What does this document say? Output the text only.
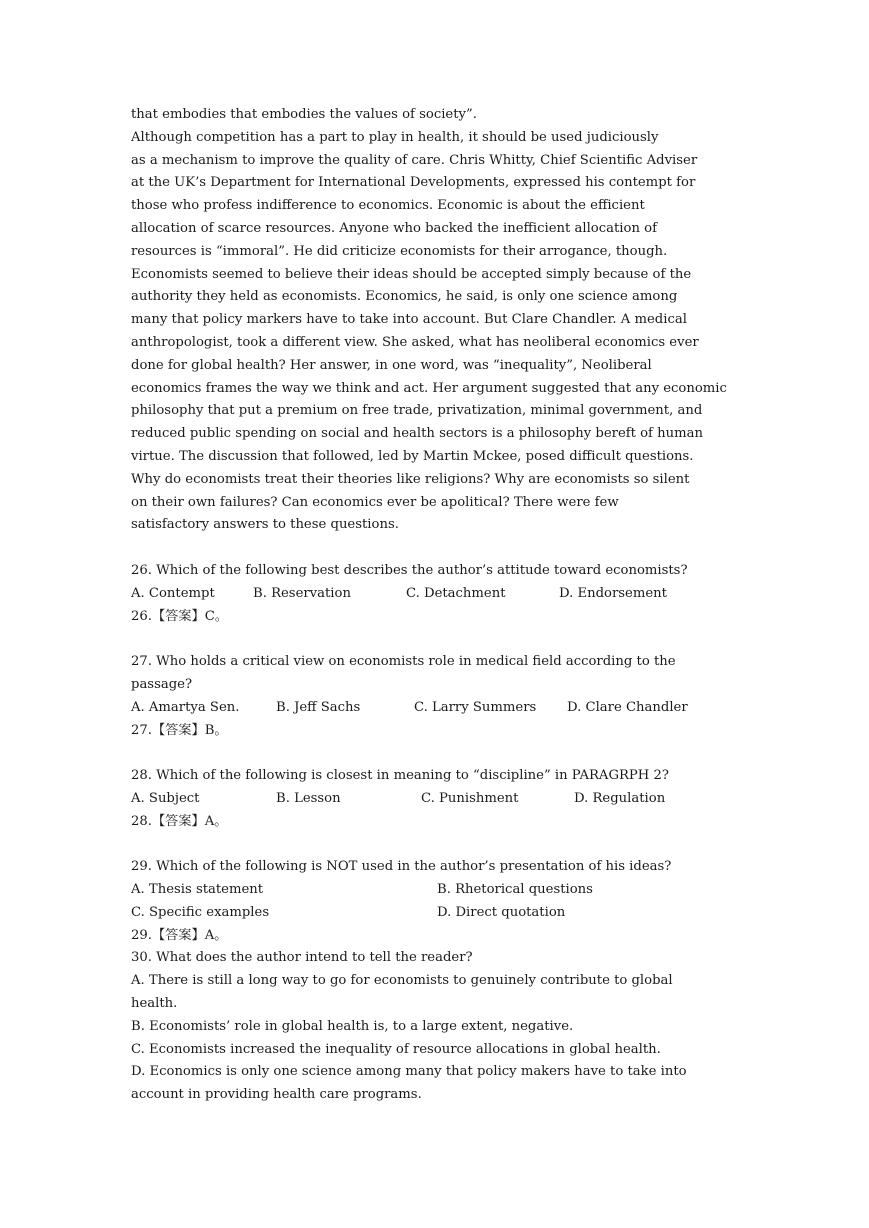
that embodies that embodies the values of society”.
Although competition has a part to play in health, it should be used judiciously
as a mechanism to improve the quality of care. Chris Whitty, Chief Scientific Adviser
at the UK’s Department for International Developments, expressed his contempt for
those who profess indifference to economics. Economic is about the efficient
allocation of scarce resources. Anyone who backed the inefficient allocation of
resources is “immoral”. He did criticize economists for their arrogance, though.
Economists seemed to believe their ideas should be accepted simply because of the
authority they held as economists. Economics, he said, is only one science among
many that policy markers have to take into account. But Clare Chandler. A medical
anthropologist, took a different view. She asked, what has neoliberal economics ever
done for global health? Her answer, in one word, was “inequality”, Neoliberal
economics frames the way we think and act. Her argument suggested that any economic
philosophy that put a premium on free trade, privatization, minimal government, and
reduced public spending on social and health sectors is a philosophy bereft of human
virtue. The discussion that followed, led by Martin Mckee, posed difficult questions.
Why do economists treat their theories like religions? Why are economists so silent
on their own failures? Can economics ever be apolitical? There were few
satisfactory answers to these questions.
26. Which of the following best describes the author’s attitude toward economists?
A. Contempt	B. Reservation	C. Detachment	D. Endorsement
26.【答案】C。
27. Who holds a critical view on economists role in medical field according to the
passage?
A. Amartya Sen.	B. Jeff Sachs	C. Larry Summers	D. Clare Chandler
27.【答案】B。
28. Which of the following is closest in meaning to “discipline” in PARAGRPH 2?
A. Subject	B. Lesson	C. Punishment	D. Regulation
28.【答案】A。
29. Which of the following is NOT used in the author’s presentation of his ideas?
A. Thesis statement	B. Rhetorical questions
C. Specific examples	D. Direct quotation
29.【答案】A。
30. What does the author intend to tell the reader?
A. There is still a long way to go for economists to genuinely contribute to global
health.
B. Economists’ role in global health is, to a large extent, negative.
C. Economists increased the inequality of resource allocations in global health.
D. Economics is only one science among many that policy makers have to take into
account in providing health care programs.
